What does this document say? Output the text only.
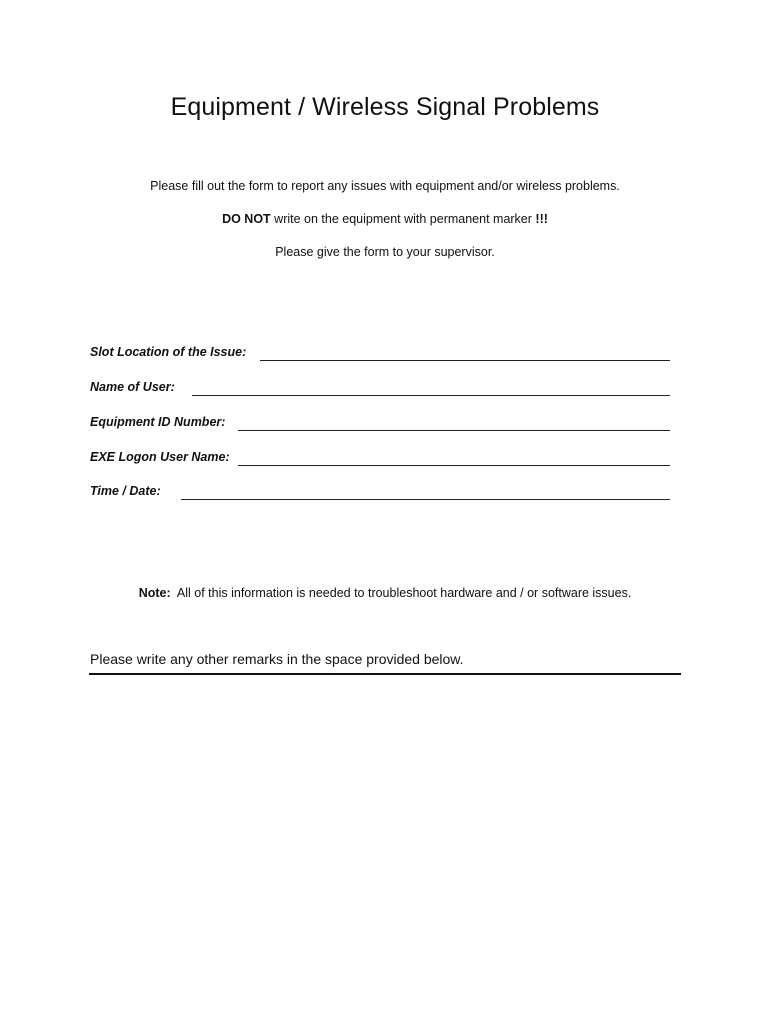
Equipment / Wireless Signal Problems

Please fill out the form to report any issues with equipment and/or wireless problems.

DO NOT write on the equipment with permanent marker !!!

Please give the form to your supervisor.

Slot Location of the Issue:
Name of User:
Equipment ID Number:
EXE Logon User Name:
Time / Date:

Note:  All of this information is needed to troubleshoot hardware and / or software issues.

Please write any other remarks in the space provided below.
